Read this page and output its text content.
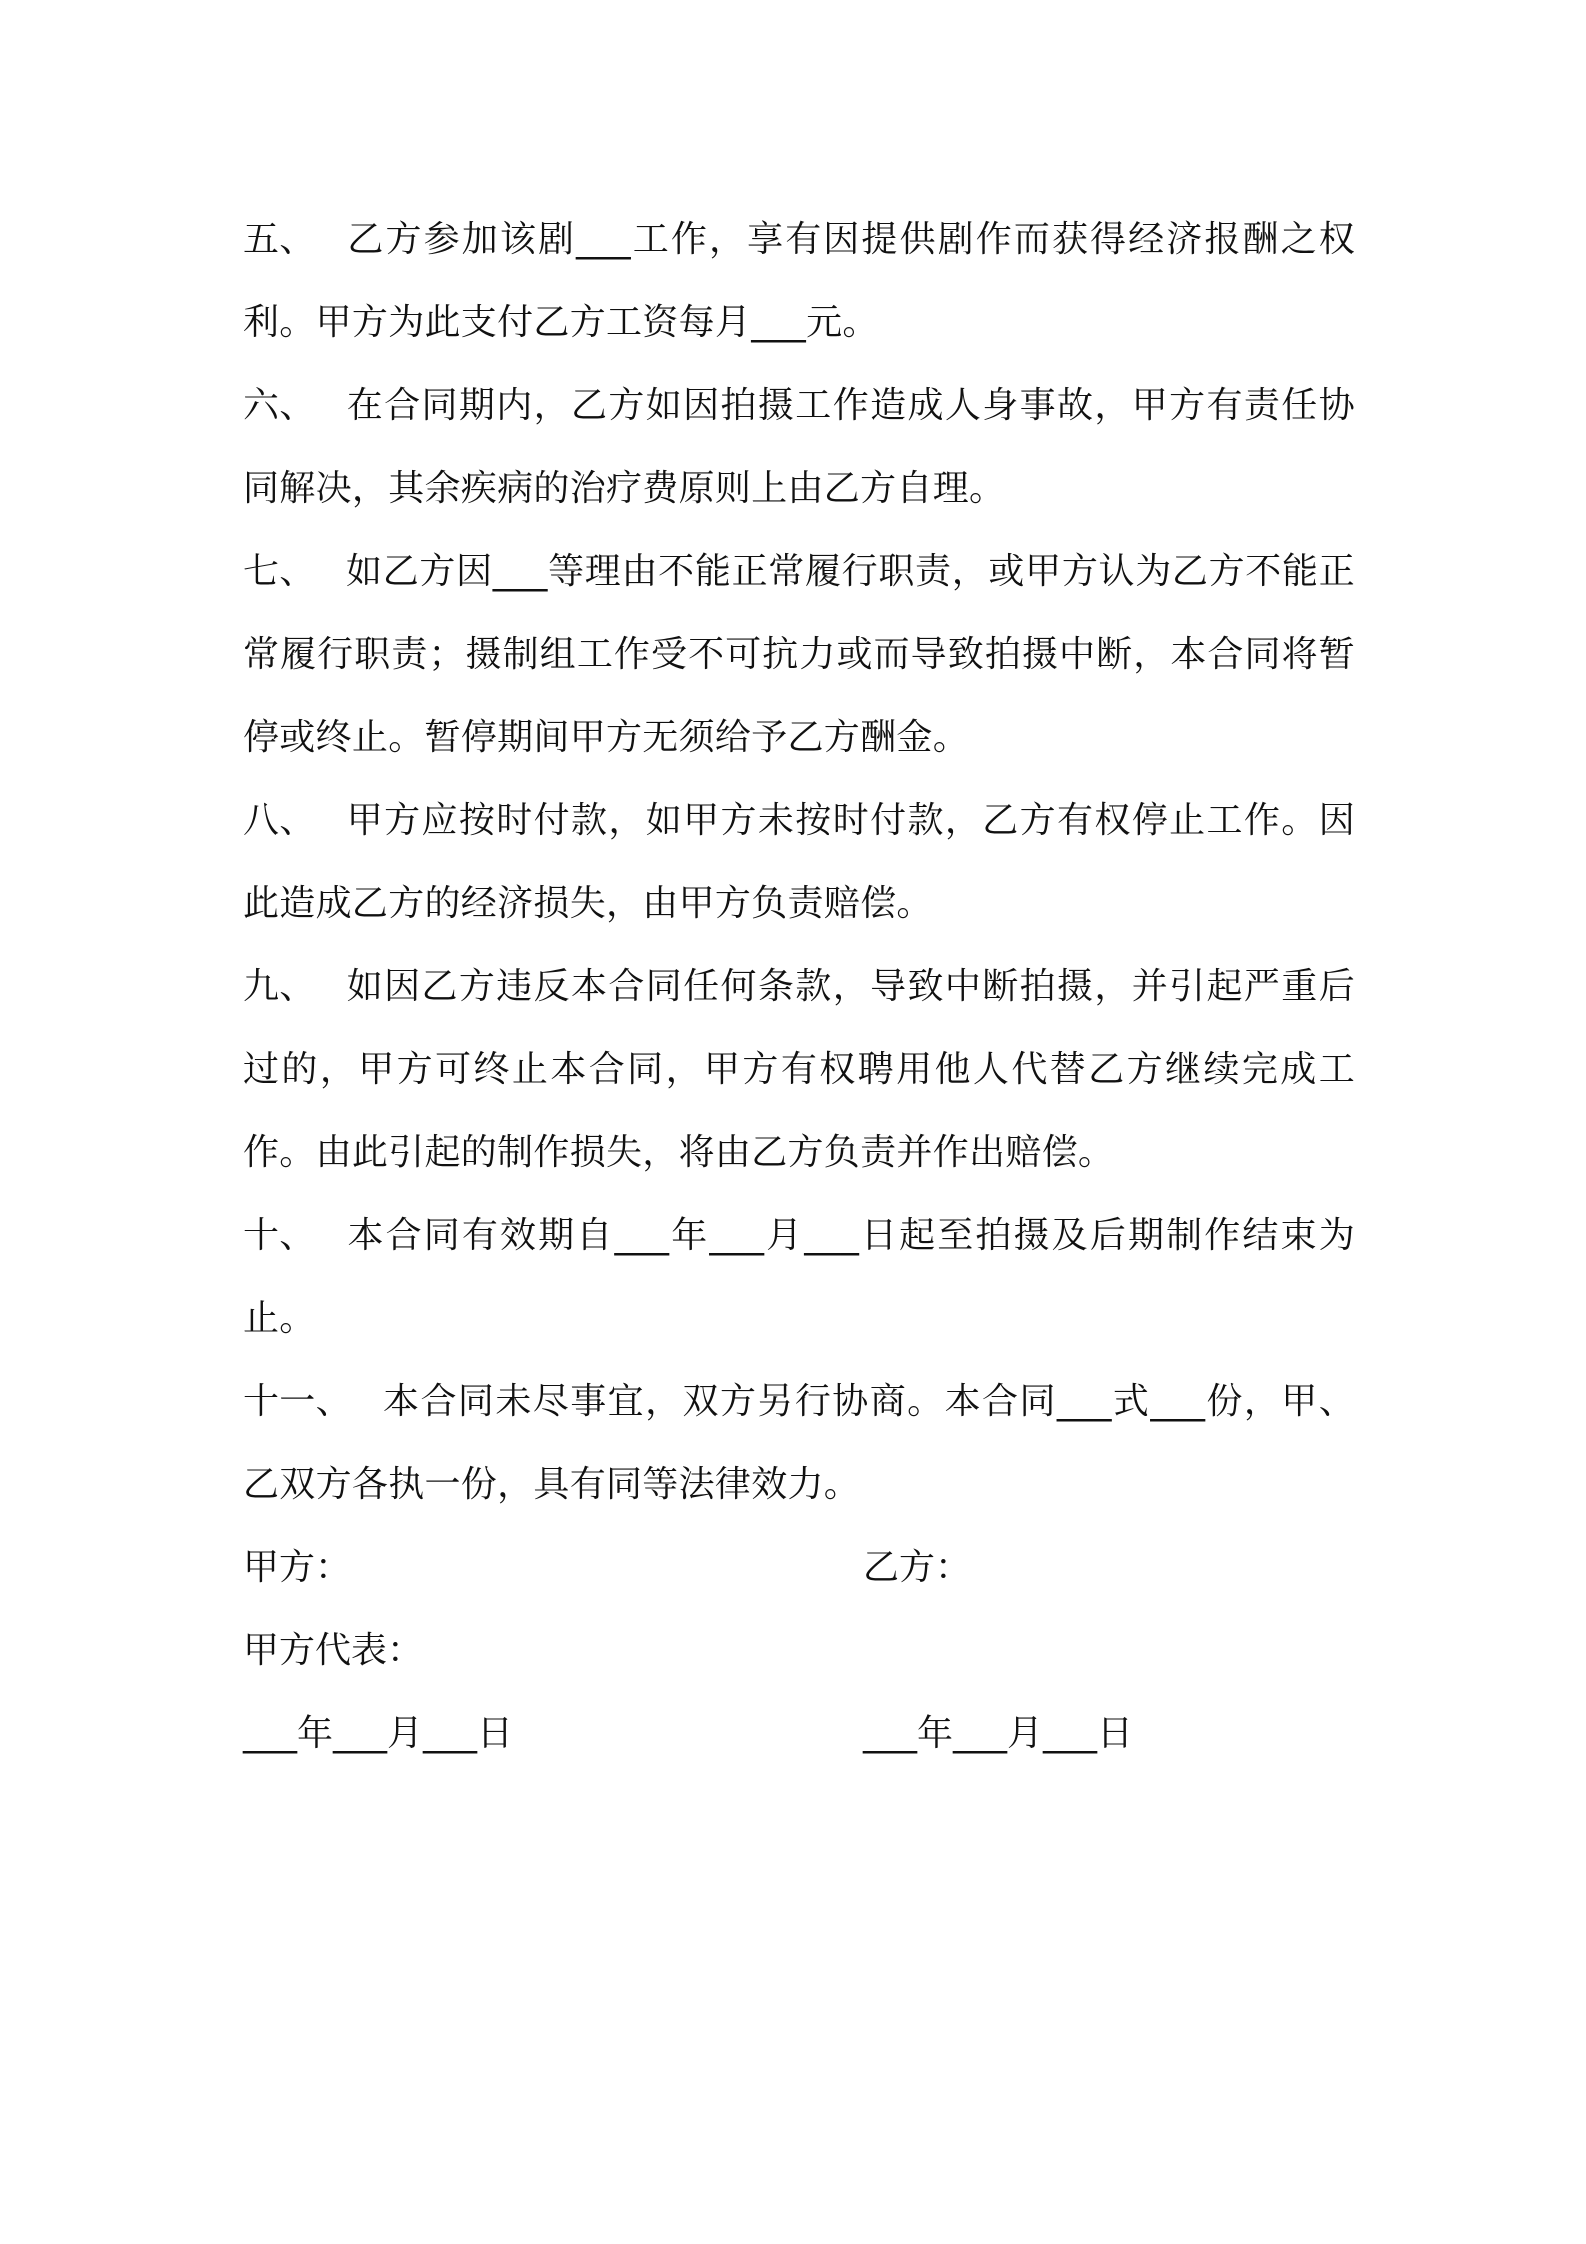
五、 乙方参加该剧___工作，享有因提供剧作而获得经济报酬之权利。甲方为此支付乙方工资每月___元。

六、 在合同期内，乙方如因拍摄工作造成人身事故，甲方有责任协同解决，其余疾病的治疗费原则上由乙方自理。

七、 如乙方因___等理由不能正常履行职责，或甲方认为乙方不能正常履行职责；摄制组工作受不可抗力或而导致拍摄中断，本合同将暂停或终止。暂停期间甲方无须给予乙方酬金。

八、 甲方应按时付款，如甲方未按时付款，乙方有权停止工作。因此造成乙方的经济损失，由甲方负责赔偿。

九、 如因乙方违反本合同任何条款，导致中断拍摄，并引起严重后过的，甲方可终止本合同，甲方有权聘用他人代替乙方继续完成工作。由此引起的制作损失，将由乙方负责并作出赔偿。

十、 本合同有效期自___年___月___日起至拍摄及后期制作结束为止。

十一、 本合同未尽事宜，双方另行协商。本合同___式___份，甲、乙双方各执一份，具有同等法律效力。

甲方：	乙方：
甲方代表：
___年___月___日	___年___月___日
